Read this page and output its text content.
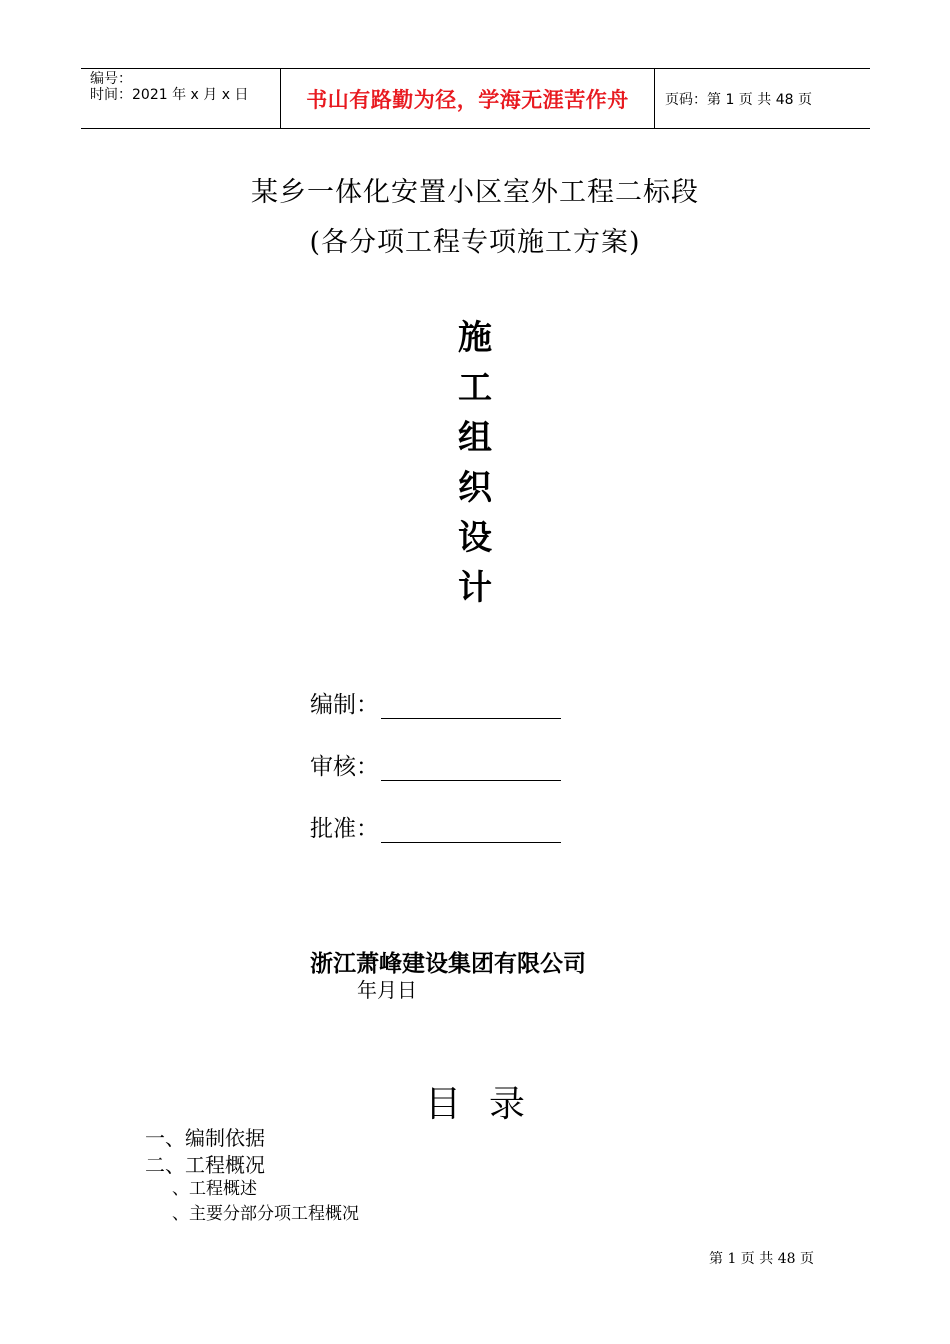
编号：
时间：2021 年 x 月 x 日	书山有路勤为径，学海无涯苦作舟	页码：第 1 页 共 48 页
某乡一体化安置小区室外工程二标段
(各分项工程专项施工方案)
施
工
组
织
设
计
编制：
审核：
批准：
浙江萧峰建设集团有限公司
年月日
目录
一、编制依据
二、工程概况
、工程概述
、主要分部分项工程概况
第 1 页 共 48 页
